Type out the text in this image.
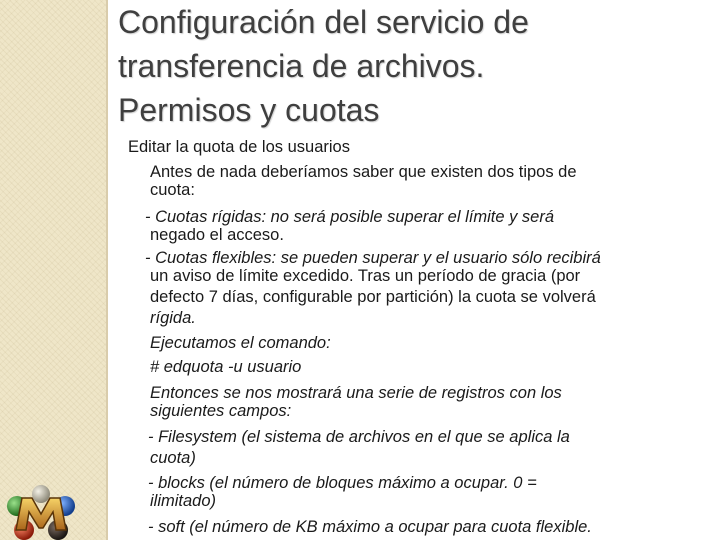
Configuración del servicio de
transferencia de archivos.
Permisos y cuotas

Editar la quota de los usuarios

Antes de nada deberíamos saber que existen dos tipos de

cuota:

- Cuotas rígidas: no será posible superar el límite y será

negado el acceso.

- Cuotas flexibles: se pueden superar y el usuario sólo recibirá

un aviso de límite excedido. Tras un período de gracia (por

defecto 7 días, configurable por partición) la cuota se volverá

rígida.

Ejecutamos el comando:

# edquota -u usuario

Entonces se nos mostrará una serie de registros con los

siguientes campos:

- Filesystem (el sistema de archivos en el que se aplica la

cuota)

- blocks (el número de bloques máximo a ocupar. 0 =

ilimitado)

- soft (el número de KB máximo a ocupar para cuota flexible.
